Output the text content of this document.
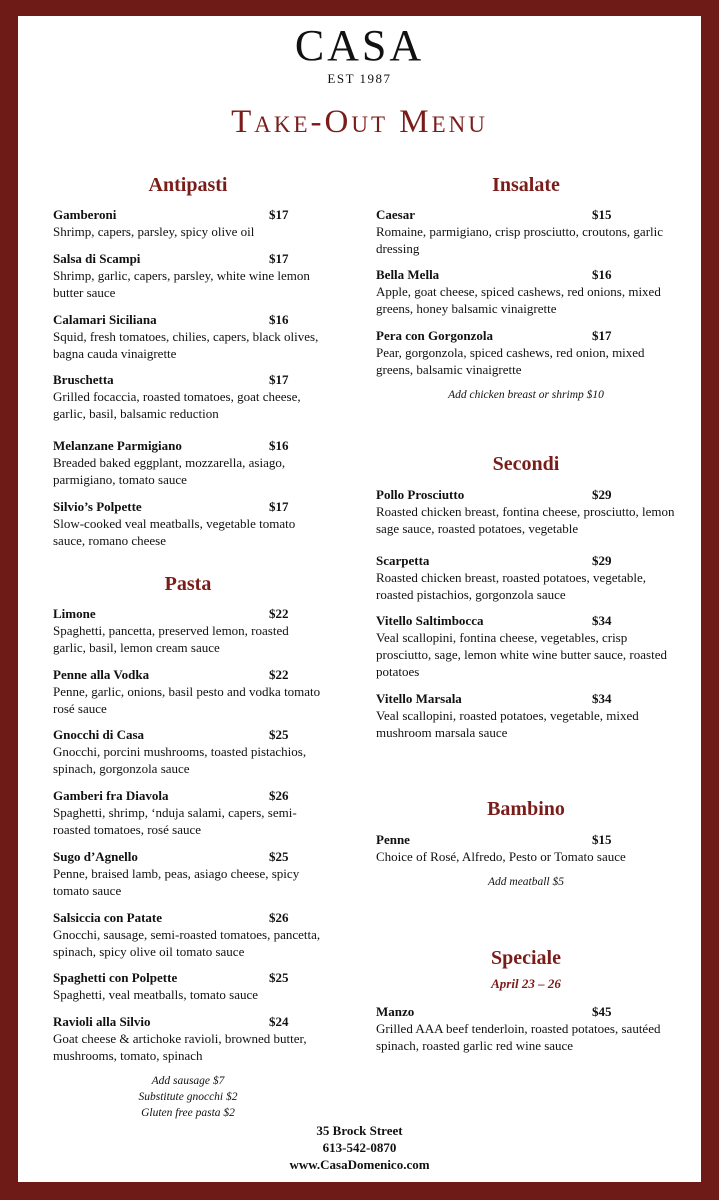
CASA
EST 1987
Take-Out Menu
Antipasti
Gamberoni	$17
Shrimp, capers, parsley, spicy olive oil
Salsa di Scampi	$17
Shrimp, garlic, capers, parsley, white wine lemon butter sauce
Calamari Siciliana	$16
Squid, fresh tomatoes, chilies, capers, black olives, bagna cauda vinaigrette
Bruschetta	$17
Grilled focaccia, roasted tomatoes, goat cheese, garlic, basil, balsamic reduction
Melanzane Parmigiano	$16
Breaded baked eggplant, mozzarella, asiago, parmigiano, tomato sauce
Silvio’s Polpette	$17
Slow-cooked veal meatballs, vegetable tomato sauce, romano cheese
Pasta
Limone	$22
Spaghetti, pancetta, preserved lemon, roasted garlic, basil, lemon cream sauce
Penne alla Vodka	$22
Penne, garlic, onions, basil pesto and vodka tomato rosé sauce
Gnocchi di Casa	$25
Gnocchi, porcini mushrooms, toasted pistachios, spinach, gorgonzola sauce
Gamberi fra Diavola	$26
Spaghetti, shrimp, ‘nduja salami, capers, semi-roasted tomatoes, rosé sauce
Sugo d’Agnello	$25
Penne, braised lamb, peas, asiago cheese, spicy tomato sauce
Salsiccia con Patate	$26
Gnocchi, sausage, semi-roasted tomatoes, pancetta, spinach, spicy olive oil tomato sauce
Spaghetti con Polpette	$25
Spaghetti, veal meatballs, tomato sauce
Ravioli alla Silvio	$24
Goat cheese & artichoke ravioli, browned butter, mushrooms, tomato, spinach
Add sausage $7
Substitute gnocchi $2
Gluten free pasta $2
Insalate
Caesar	$15
Romaine, parmigiano, crisp prosciutto, croutons, garlic dressing
Bella Mella	$16
Apple, goat cheese, spiced cashews, red onions, mixed greens, honey balsamic vinaigrette
Pera con Gorgonzola	$17
Pear, gorgonzola, spiced cashews, red onion, mixed greens, balsamic vinaigrette
Add chicken breast or shrimp $10
Secondi
Pollo Prosciutto	$29
Roasted chicken breast, fontina cheese, prosciutto, lemon sage sauce, roasted potatoes, vegetable
Scarpetta	$29
Roasted chicken breast, roasted potatoes, vegetable, roasted pistachios, gorgonzola sauce
Vitello Saltimbocca	$34
Veal scallopini, fontina cheese, vegetables, crisp prosciutto, sage, lemon white wine butter sauce, roasted potatoes
Vitello Marsala	$34
Veal scallopini, roasted potatoes, vegetable, mixed mushroom marsala sauce
Bambino
Penne	$15
Choice of Rosé, Alfredo, Pesto or Tomato sauce
Add meatball $5
Speciale
April 23 – 26
Manzo	$45
Grilled AAA beef tenderloin, roasted potatoes, sautéed spinach, roasted garlic red wine sauce
35 Brock Street
613-542-0870
www.CasaDomenico.com
